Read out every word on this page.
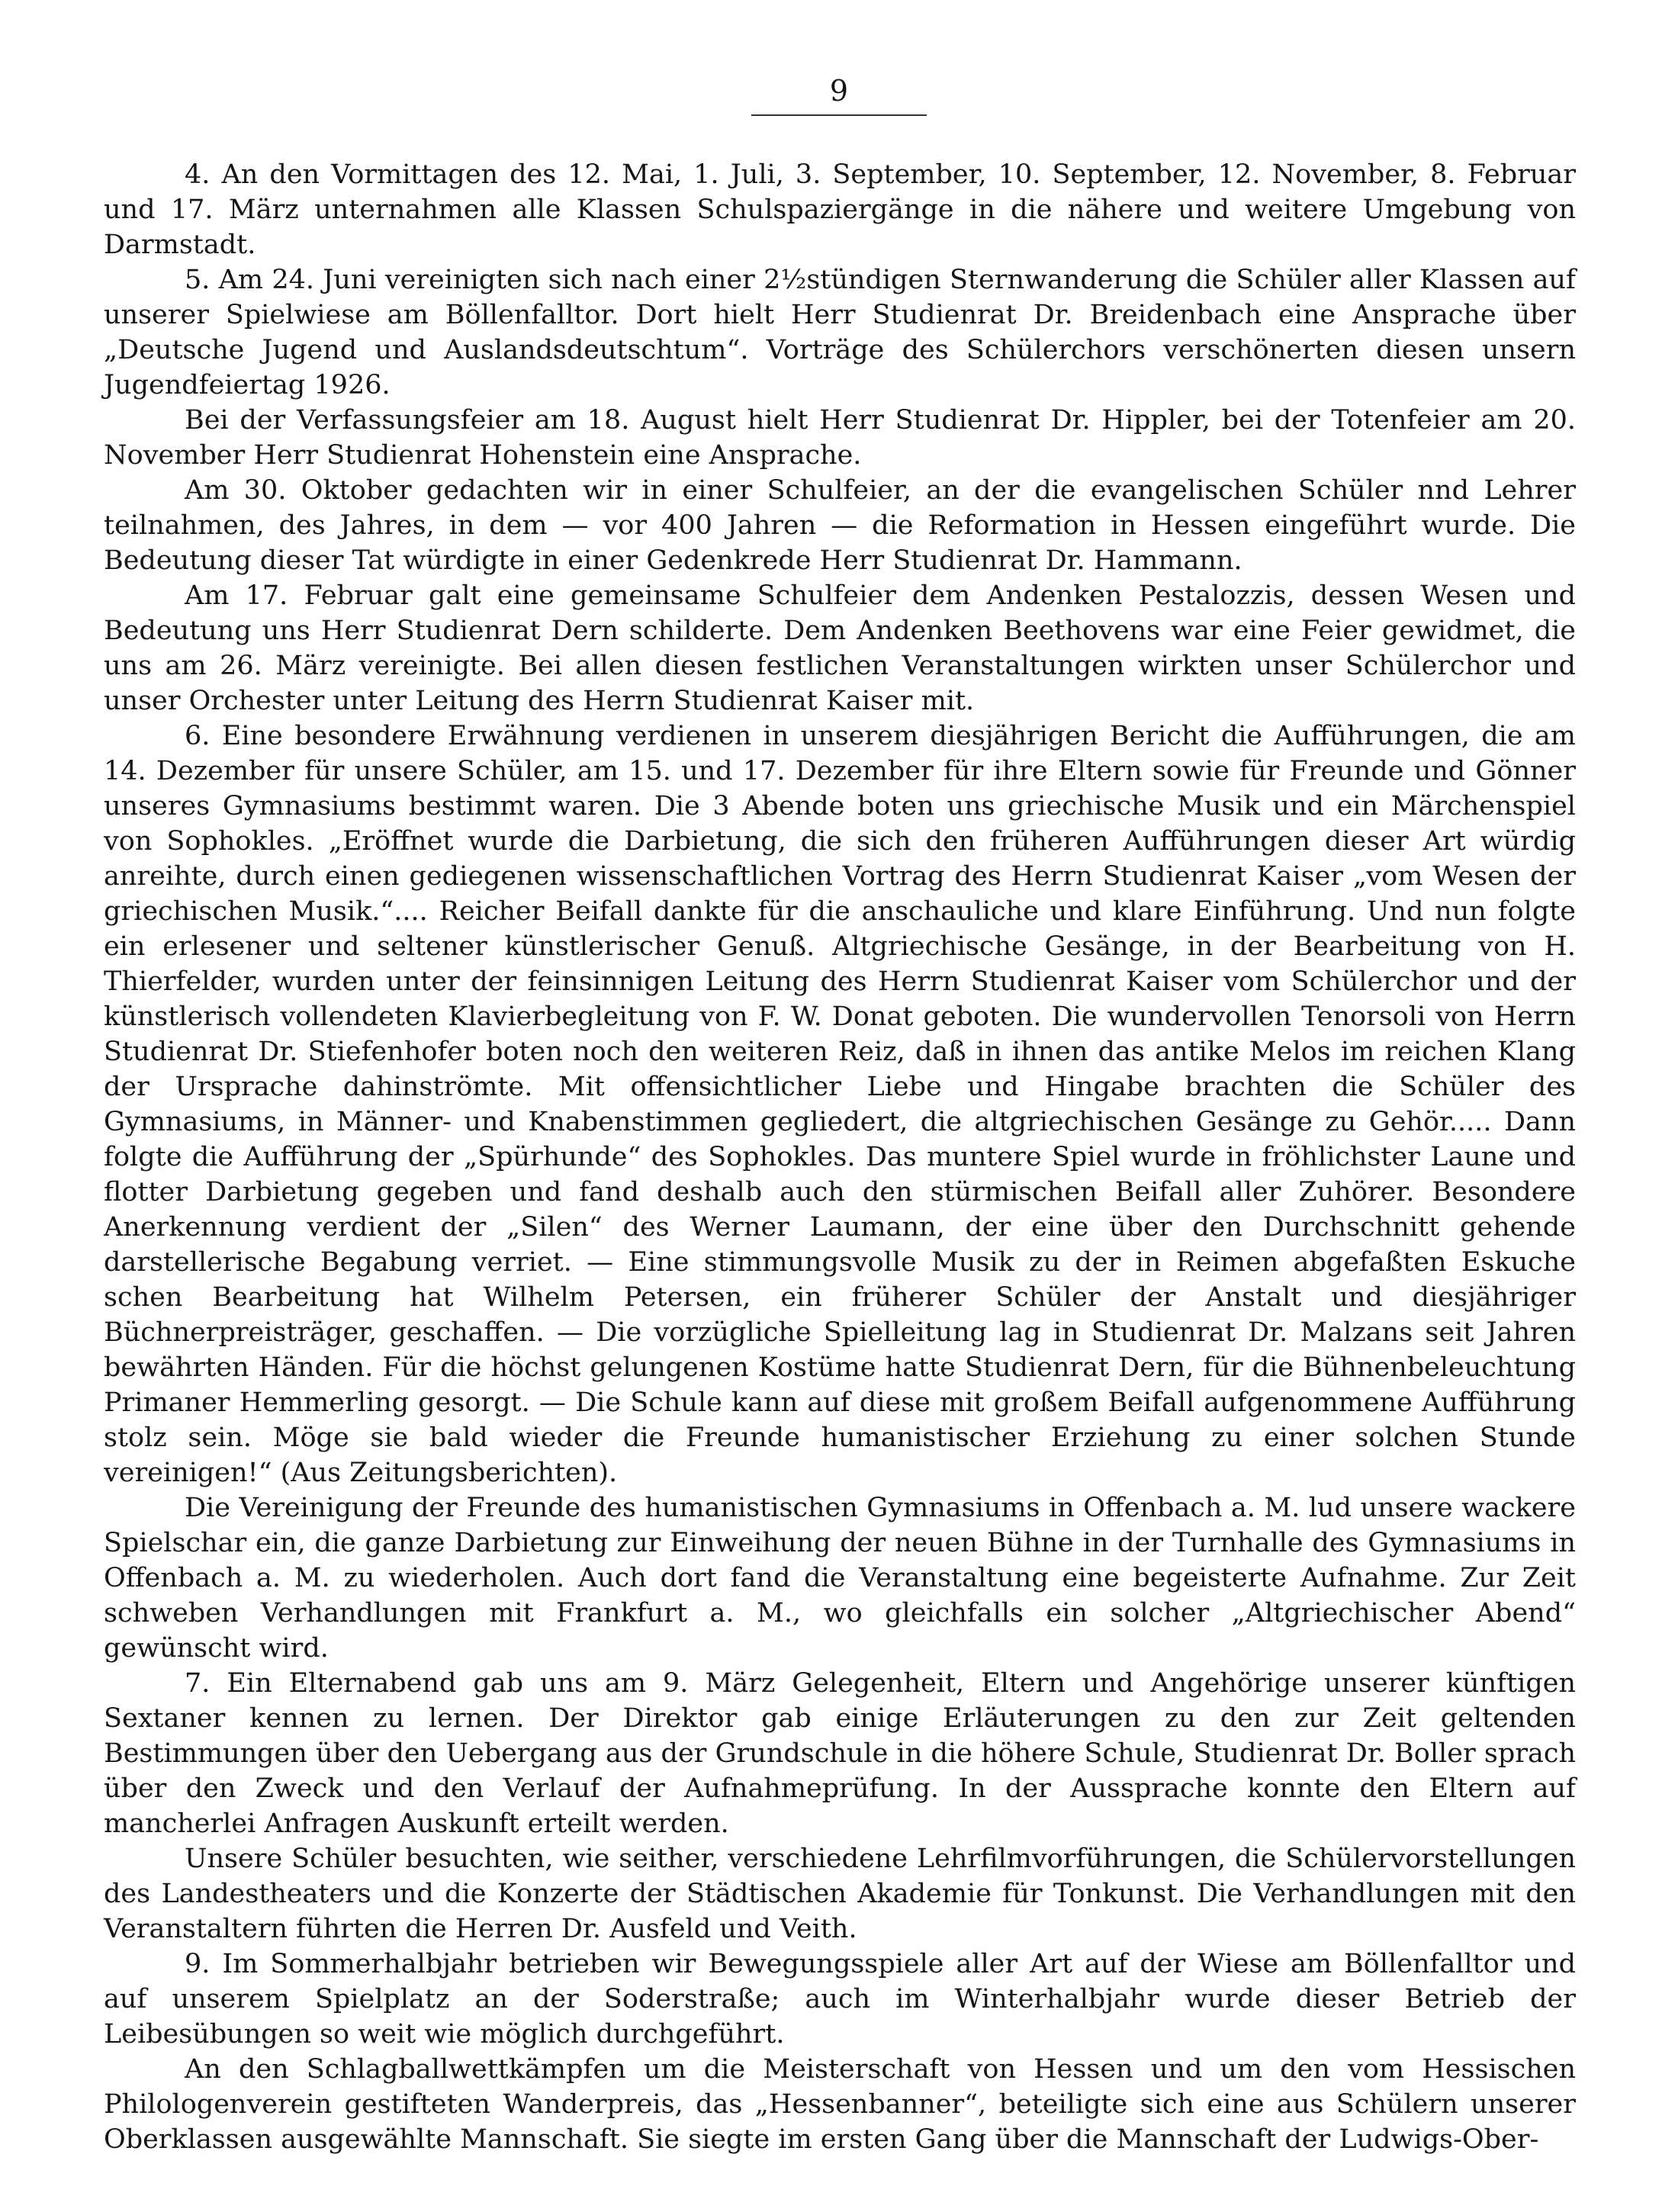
9

4. An den Vormittagen des 12. Mai, 1. Juli, 3. September, 10. September, 12. November, 8. Februar und 17. März unternahmen alle Klassen Schulspaziergänge in die nähere und weitere Umgebung von Darmstadt.

5. Am 24. Juni vereinigten sich nach einer 2½stündigen Sternwanderung die Schüler aller Klassen auf unserer Spielwiese am Böllenfalltor. Dort hielt Herr Studienrat Dr. Breidenbach eine Ansprache über „Deutsche Jugend und Auslandsdeutschtum“. Vorträge des Schülerchors verschönerten diesen unsern Jugendfeiertag 1926.

Bei der Verfassungsfeier am 18. August hielt Herr Studienrat Dr. Hippler, bei der Totenfeier am 20. November Herr Studienrat Hohenstein eine Ansprache.

Am 30. Oktober gedachten wir in einer Schulfeier, an der die evangelischen Schüler nnd Lehrer teilnahmen, des Jahres, in dem — vor 400 Jahren — die Reformation in Hessen eingeführt wurde. Die Bedeutung dieser Tat würdigte in einer Gedenkrede Herr Studienrat Dr. Hammann.

Am 17. Februar galt eine gemeinsame Schulfeier dem Andenken Pestalozzis, dessen Wesen und Bedeutung uns Herr Studienrat Dern schilderte. Dem Andenken Beethovens war eine Feier gewidmet, die uns am 26. März vereinigte. Bei allen diesen festlichen Veranstaltungen wirkten unser Schülerchor und unser Orchester unter Leitung des Herrn Studienrat Kaiser mit.

6. Eine besondere Erwähnung verdienen in unserem diesjährigen Bericht die Aufführungen, die am 14. Dezember für unsere Schüler, am 15. und 17. Dezember für ihre Eltern sowie für Freunde und Gönner unseres Gymnasiums bestimmt waren. Die 3 Abende boten uns griechische Musik und ein Märchenspiel von Sophokles. „Eröffnet wurde die Darbietung, die sich den früheren Aufführungen dieser Art würdig anreihte, durch einen gediegenen wissenschaftlichen Vortrag des Herrn Studienrat Kaiser „vom Wesen der griechischen Musik.“.... Reicher Beifall dankte für die anschauliche und klare Einführung. Und nun folgte ein erlesener und seltener künstlerischer Genuß. Altgriechische Gesänge, in der Bearbeitung von H. Thierfelder, wurden unter der feinsinnigen Leitung des Herrn Studienrat Kaiser vom Schülerchor und der künstlerisch vollendeten Klavierbegleitung von F. W. Donat geboten. Die wundervollen Tenorsoli von Herrn Studienrat Dr. Stiefenhofer boten noch den weiteren Reiz, daß in ihnen das antike Melos im reichen Klang der Ursprache dahinströmte. Mit offensichtlicher Liebe und Hingabe brachten die Schüler des Gymnasiums, in Männer- und Knabenstimmen gegliedert, die altgriechischen Gesänge zu Gehör..... Dann folgte die Aufführung der „Spürhunde“ des Sophokles. Das muntere Spiel wurde in fröhlichster Laune und flotter Darbietung gegeben und fand deshalb auch den stürmischen Beifall aller Zuhörer. Besondere Anerkennung verdient der „Silen“ des Werner Laumann, der eine über den Durchschnitt gehende darstellerische Begabung verriet. — Eine stimmungsvolle Musik zu der in Reimen abgefaßten Eskuche schen Bearbeitung hat Wilhelm Petersen, ein früherer Schüler der Anstalt und diesjähriger Büchnerpreisträger, geschaffen. — Die vorzügliche Spielleitung lag in Studienrat Dr. Malzans seit Jahren bewährten Händen. Für die höchst gelungenen Kostüme hatte Studienrat Dern, für die Bühnenbeleuchtung Primaner Hemmerling gesorgt. — Die Schule kann auf diese mit großem Beifall aufgenommene Aufführung stolz sein. Möge sie bald wieder die Freunde humanistischer Erziehung zu einer solchen Stunde vereinigen!“ (Aus Zeitungsberichten).

Die Vereinigung der Freunde des humanistischen Gymnasiums in Offenbach a. M. lud unsere wackere Spielschar ein, die ganze Darbietung zur Einweihung der neuen Bühne in der Turnhalle des Gymnasiums in Offenbach a. M. zu wiederholen. Auch dort fand die Veranstaltung eine begeisterte Aufnahme. Zur Zeit schweben Verhandlungen mit Frankfurt a. M., wo gleichfalls ein solcher „Altgriechischer Abend“ gewünscht wird.

7. Ein Elternabend gab uns am 9. März Gelegenheit, Eltern und Angehörige unserer künftigen Sextaner kennen zu lernen. Der Direktor gab einige Erläuterungen zu den zur Zeit geltenden Bestimmungen über den Uebergang aus der Grundschule in die höhere Schule, Studienrat Dr. Boller sprach über den Zweck und den Verlauf der Aufnahmeprüfung. In der Aussprache konnte den Eltern auf mancherlei Anfragen Auskunft erteilt werden.

Unsere Schüler besuchten, wie seither, verschiedene Lehrfilmvorführungen, die Schülervorstellungen des Landestheaters und die Konzerte der Städtischen Akademie für Tonkunst. Die Verhandlungen mit den Veranstaltern führten die Herren Dr. Ausfeld und Veith.

9. Im Sommerhalbjahr betrieben wir Bewegungsspiele aller Art auf der Wiese am Böllenfalltor und auf unserem Spielplatz an der Soderstraße; auch im Winterhalbjahr wurde dieser Betrieb der Leibesübungen so weit wie möglich durchgeführt.

An den Schlagballwettkämpfen um die Meisterschaft von Hessen und um den vom Hessischen Philologenverein gestifteten Wanderpreis, das „Hessenbanner“, beteiligte sich eine aus Schülern unserer Oberklassen ausgewählte Mannschaft. Sie siegte im ersten Gang über die Mannschaft der Ludwigs-Ober-
